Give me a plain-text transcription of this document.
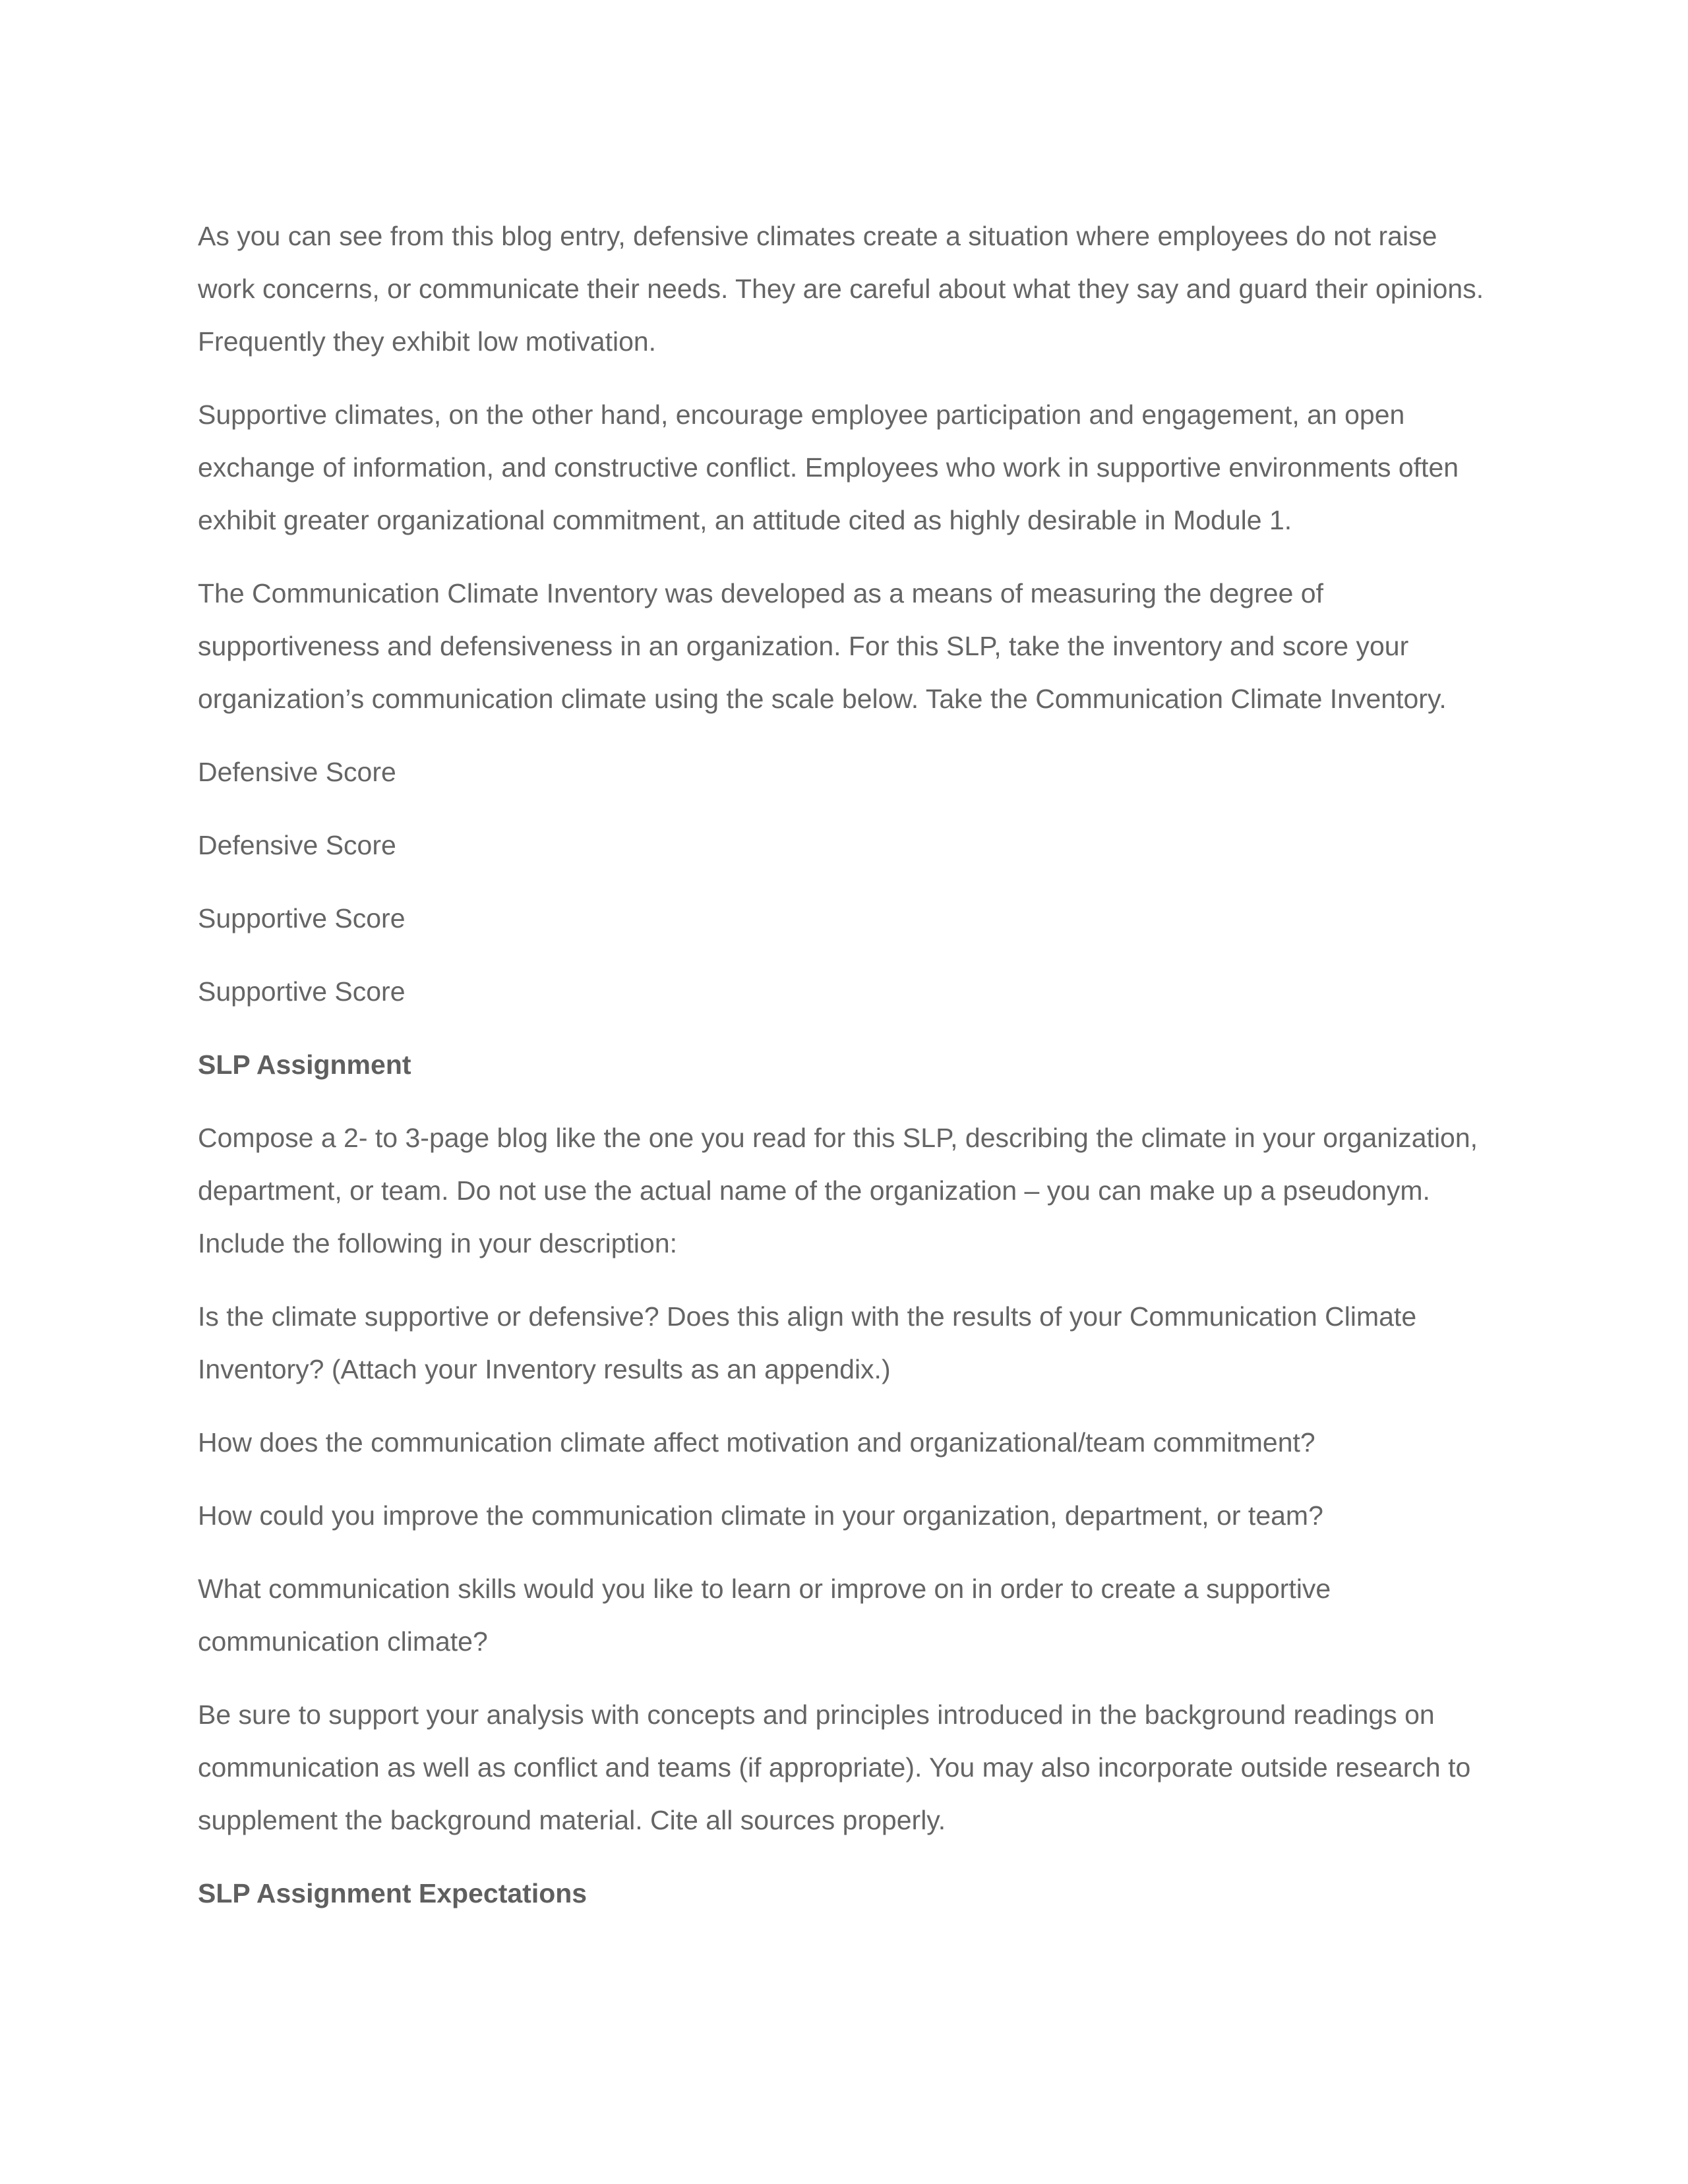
As you can see from this blog entry, defensive climates create a situation where employees do not raise work concerns, or communicate their needs. They are careful about what they say and guard their opinions. Frequently they exhibit low motivation.

Supportive climates, on the other hand, encourage employee participation and engagement, an open exchange of information, and constructive conflict. Employees who work in supportive environments often exhibit greater organizational commitment, an attitude cited as highly desirable in Module 1.

The Communication Climate Inventory was developed as a means of measuring the degree of supportiveness and defensiveness in an organization. For this SLP, take the inventory and score your organization’s communication climate using the scale below. Take the Communication Climate Inventory.

Defensive Score

Defensive Score

Supportive Score

Supportive Score

SLP Assignment

Compose a 2- to 3-page blog like the one you read for this SLP, describing the climate in your organization, department, or team. Do not use the actual name of the organization – you can make up a pseudonym. Include the following in your description:

Is the climate supportive or defensive? Does this align with the results of your Communication Climate Inventory? (Attach your Inventory results as an appendix.)

How does the communication climate affect motivation and organizational/team commitment?

How could you improve the communication climate in your organization, department, or team?

What communication skills would you like to learn or improve on in order to create a supportive communication climate?

Be sure to support your analysis with concepts and principles introduced in the background readings on communication as well as conflict and teams (if appropriate). You may also incorporate outside research to supplement the background material. Cite all sources properly.

SLP Assignment Expectations
